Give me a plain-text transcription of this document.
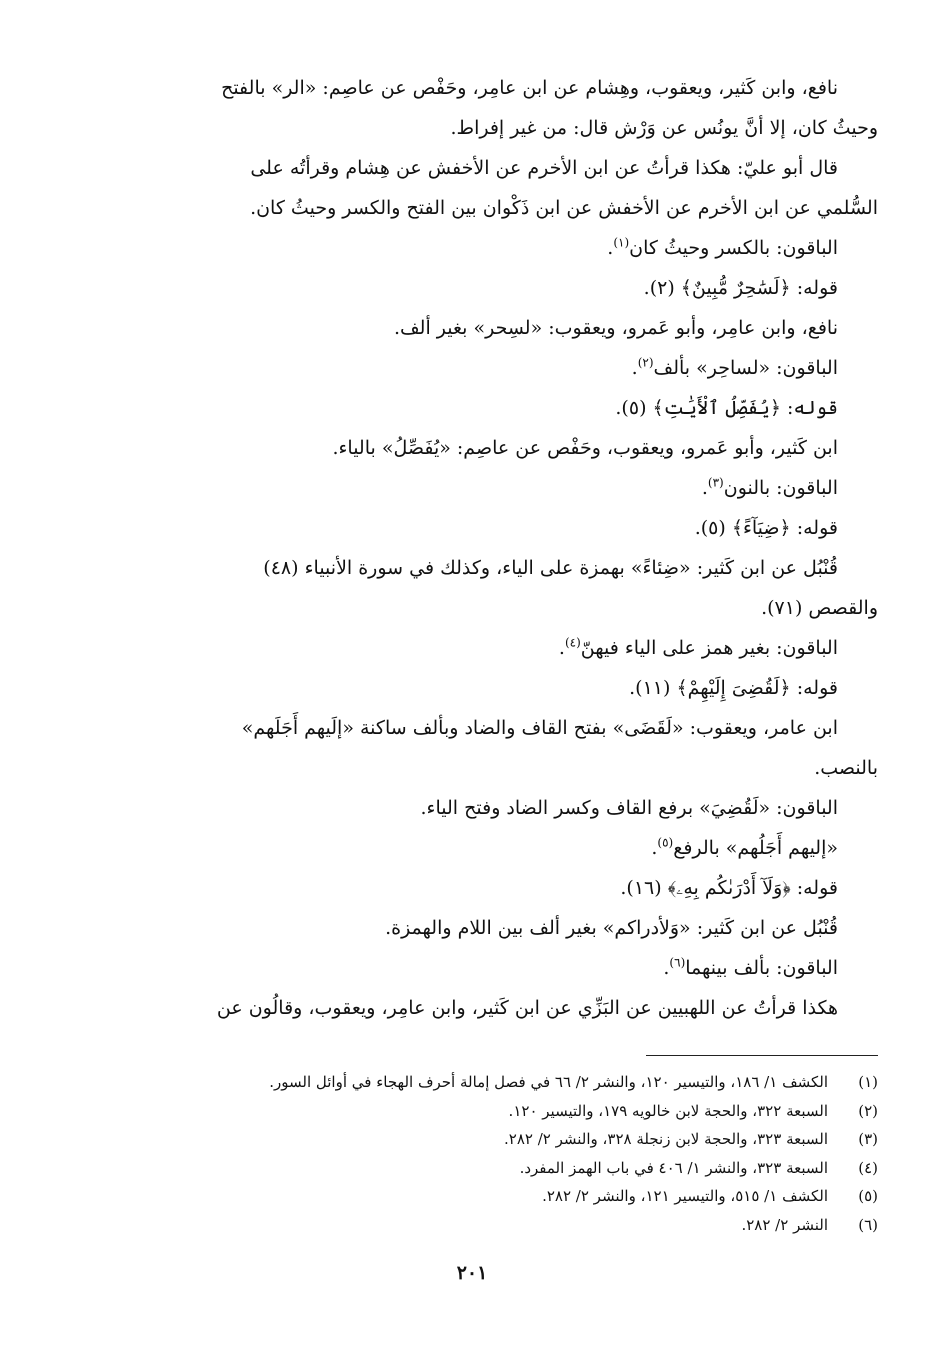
نافع، وابن كَثير، ويعقوب، وهِشام عن ابن عامِر، وحَفْص عن عاصِم: «الر» بالفتح

وحيثُ كان، إلا أنَّ يونُس عن وَرْش قال: من غير إفراط.

قال أبو عليّ: هكذا قرأتُ عن ابن الأخرم عن الأخفش عن هِشام وقرأتُه على

السُّلمي عن ابن الأخرم عن الأخفش عن ابن ذَكْوان بين الفتح والكسر وحيثُ كان.

الباقون: بالكسر وحيثُ كان$^{(١)}$.

قوله: ﴿لَسَٰحِرٌ مُّبِينٌ﴾ (٢).

نافع، وابن عامِر، وأبو عَمرو، ويعقوب: «لسِحر» بغير ألف.

الباقون: «لساحِر» بألف$^{(٢)}$.

قوله: ﴿يُفَصِّلُ ٱلْأَيَٰتِ﴾ (٥).

ابن كَثير، وأبو عَمرو، ويعقوب، وحَفْص عن عاصِم: «يُفَصِّلُ» بالياء.

الباقون: بالنون$^{(٣)}$.

قوله: ﴿ضِيَآءً﴾ (٥).

قُنْبُل عن ابن كَثير: «ضِئاءً» بهمزة على الياء، وكذلك في سورة الأنبياء (٤٨)

والقصص (٧١).

الباقون: بغير همز على الياء فيهنّ$^{(٤)}$.

قوله: ﴿لَقُضِىَ إِلَيْهِمْ﴾ (١١).

ابن عامر، ويعقوب: «لَقَضَى» بفتح القاف والضاد وبألف ساكنة «إلَيهم أَجَلَهم»

بالنصب.

الباقون: «لَقُضِيَ» برفع القاف وكسر الضاد وفتح الياء.

«إليهم أَجَلُهم» بالرفع$^{(٥)}$.

قوله: ﴿وَلَآ أَدْرَىٰكُم بِهِۦ﴾ (١٦).

قُنْبُل عن ابن كَثير: «وَلأدراكم» بغير ألف بين اللام والهمزة.

الباقون: بألف بينهما$^{(٦)}$.

هكذا قرأتُ عن اللهبيين عن البَزِّي عن ابن كَثير، وابن عامِر، ويعقوب، وقالُون عن

(١)
الكشف ١/ ١٨٦، والتيسير ١٢٠، والنشر ٢/ ٦٦ في فصل إمالة أحرف الهجاء في أوائل السور.
(٢)
السبعة ٣٢٢، والحجة لابن خالويه ١٧٩، والتيسير ١٢٠.
(٣)
السبعة ٣٢٣، والحجة لابن زنجلة ٣٢٨، والنشر ٢/ ٢٨٢.
(٤)
السبعة ٣٢٣، والنشر ١/ ٤٠٦ في باب الهمز المفرد.
(٥)
الكشف ١/ ٥١٥، والتيسير ١٢١، والنشر ٢/ ٢٨٢.
(٦)
النشر ٢/ ٢٨٢.
٢٠١
